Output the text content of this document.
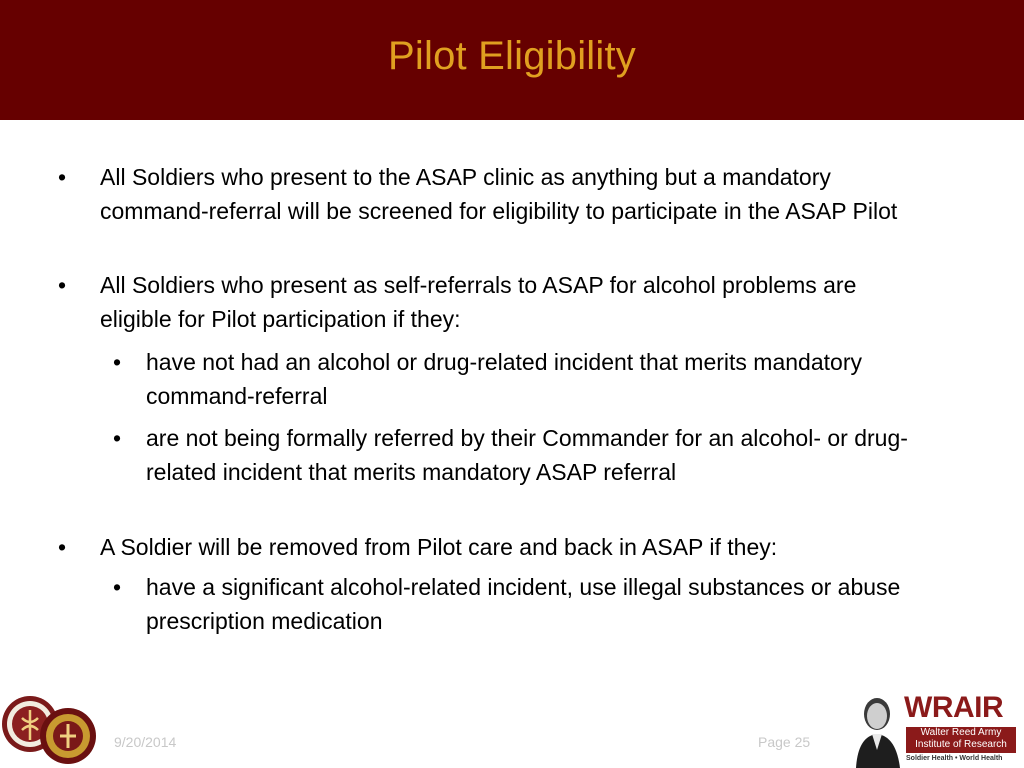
Pilot Eligibility
• All Soldiers who present to the ASAP clinic as anything but a mandatory command-referral will be screened for eligibility to participate in the ASAP Pilot
• All Soldiers who present as self-referrals to ASAP for alcohol problems are eligible for Pilot participation if they:
• have not had an alcohol or drug-related incident that merits mandatory command-referral
• are not being formally referred by their Commander for an alcohol- or drug-related incident that merits mandatory ASAP referral
• A Soldier will be removed from Pilot care and back in ASAP if they:
• have a significant alcohol-related incident, use illegal substances or abuse prescription medication
9/20/2014	Page 25
WRAIR
Walter Reed Army
Institute of Research
Soldier Health • World Health
